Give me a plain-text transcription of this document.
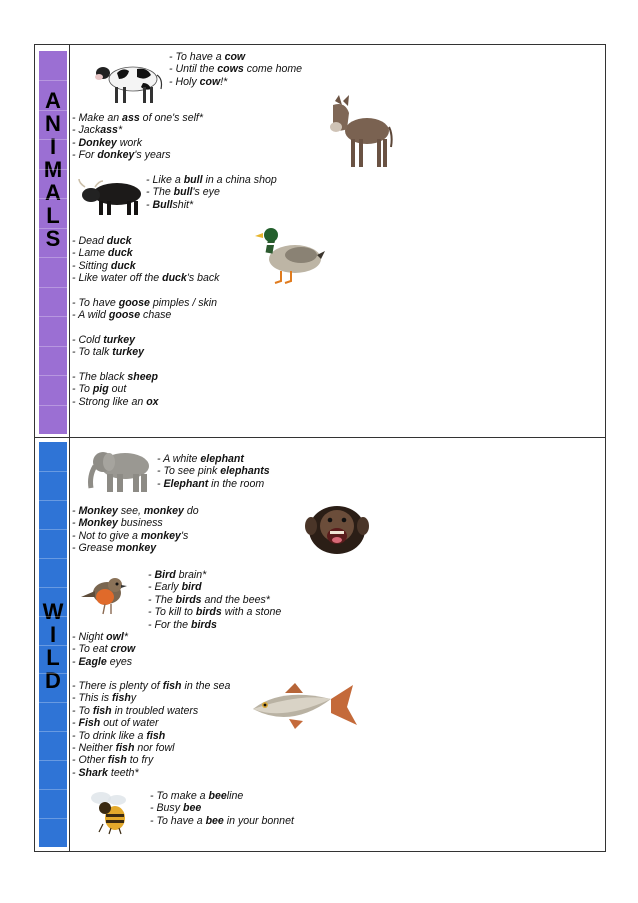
A
N
I
M
A
L
S
W
I
L
D
- To have a cow
- Until the cows come home
- Holy cow!*
- Make an ass of one's self*
- Jackass*
- Donkey work
- For donkey's years
- Like a bull in a china shop
- The bull's eye
- Bullshit*
- Dead duck
- Lame duck
- Sitting duck
- Like water off the duck's back
- To have goose pimples / skin
- A wild goose chase
- Cold turkey
- To talk turkey
- The black sheep
- To pig out
- Strong like an ox
- A white elephant
- To see pink elephants
- Elephant in the room
- Monkey see, monkey do
- Monkey business
- Not to give a monkey's
- Grease monkey
- Bird brain*
- Early bird
- The birds and the bees*
- To kill to birds with a stone
- For the birds
- Night owl*
- To eat crow
- Eagle eyes
- There is plenty of fish in the sea
- This is fishy
- To fish in troubled waters
- Fish out of water
- To drink like a fish
- Neither fish nor fowl
- Other fish to fry
- Shark teeth*
- To make a beeline
- Busy bee
- To have a bee in your bonnet
